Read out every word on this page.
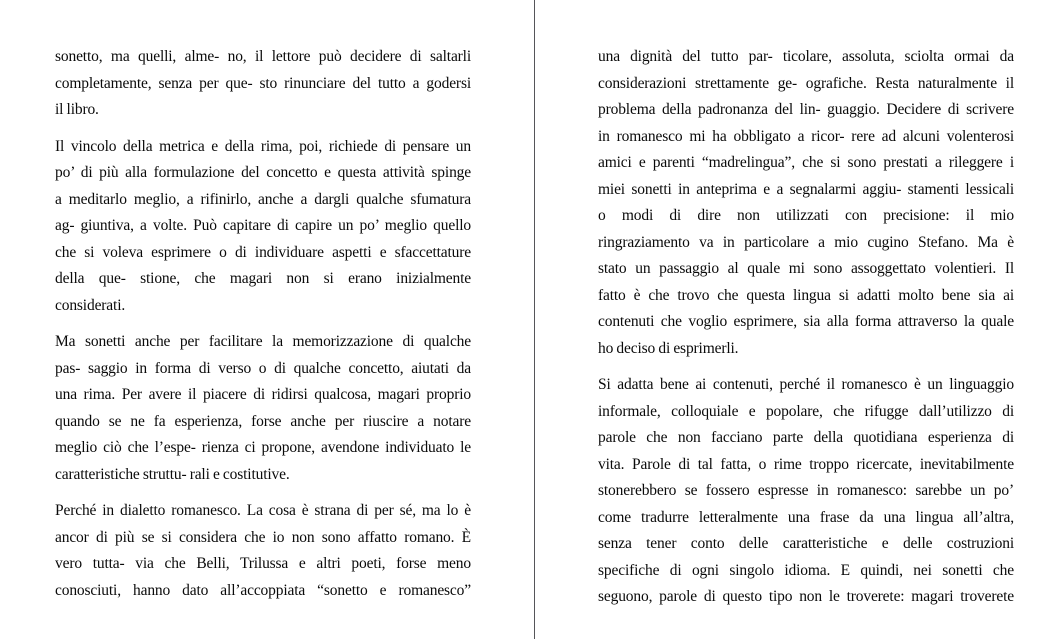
sonetto, ma quelli, alme- no, il lettore può decidere di saltarli
completamente, senza per que- sto rinunciare del tutto a godersi
il libro.
Il vincolo della metrica e della rima, poi, richiede di pensare un
po’ di più alla formulazione del concetto e questa attività spinge
a meditarlo meglio, a rifinirlo, anche a dargli qualche sfumatura
ag- giuntiva, a volte. Può capitare di capire un po’ meglio quello
che si voleva esprimere o di individuare aspetti e sfaccettature
della que- stione, che magari non si erano inizialmente
considerati.
Ma sonetti anche per facilitare la memorizzazione di qualche
pas- saggio in forma di verso o di qualche concetto, aiutati da
una rima. Per avere il piacere di ridirsi qualcosa, magari proprio
quando se ne fa esperienza, forse anche per riuscire a notare
meglio ciò che l’espe- rienza ci propone, avendone individuato le
caratteristiche struttu- rali e costitutive.
Perché in dialetto romanesco. La cosa è strana di per sé, ma lo è
ancor di più se si considera che io non sono affatto romano. È
vero tutta- via che Belli, Trilussa e altri poeti, forse meno
conosciuti, hanno dato all’accoppiata “sonetto e romanesco”
una dignità del tutto par- ticolare, assoluta, sciolta ormai da
considerazioni strettamente ge- ografiche. Resta naturalmente il
problema della padronanza del lin- guaggio. Decidere di scrivere
in romanesco mi ha obbligato a ricor- rere ad alcuni volenterosi
amici e parenti “madrelingua”, che si sono prestati a rileggere i
miei sonetti in anteprima e a segnalarmi aggiu- stamenti lessicali
o modi di dire non utilizzati con precisione: il mio
ringraziamento va in particolare a mio cugino Stefano. Ma è
stato un passaggio al quale mi sono assoggettato volentieri. Il
fatto è che trovo che questa lingua si adatti molto bene sia ai
contenuti che voglio esprimere, sia alla forma attraverso la quale
ho deciso di esprimerli.
Si adatta bene ai contenuti, perché il romanesco è un linguaggio
informale, colloquiale e popolare, che rifugge dall’utilizzo di
parole che non facciano parte della quotidiana esperienza di
vita. Parole di tal fatta, o rime troppo ricercate, inevitabilmente
stonerebbero se fossero espresse in romanesco: sarebbe un po’
come tradurre letteralmente una frase da una lingua all’altra,
senza tener conto delle caratteristiche e delle costruzioni
specifiche di ogni singolo idioma. E quindi, nei sonetti che
seguono, parole di questo tipo non le troverete: magari troverete
